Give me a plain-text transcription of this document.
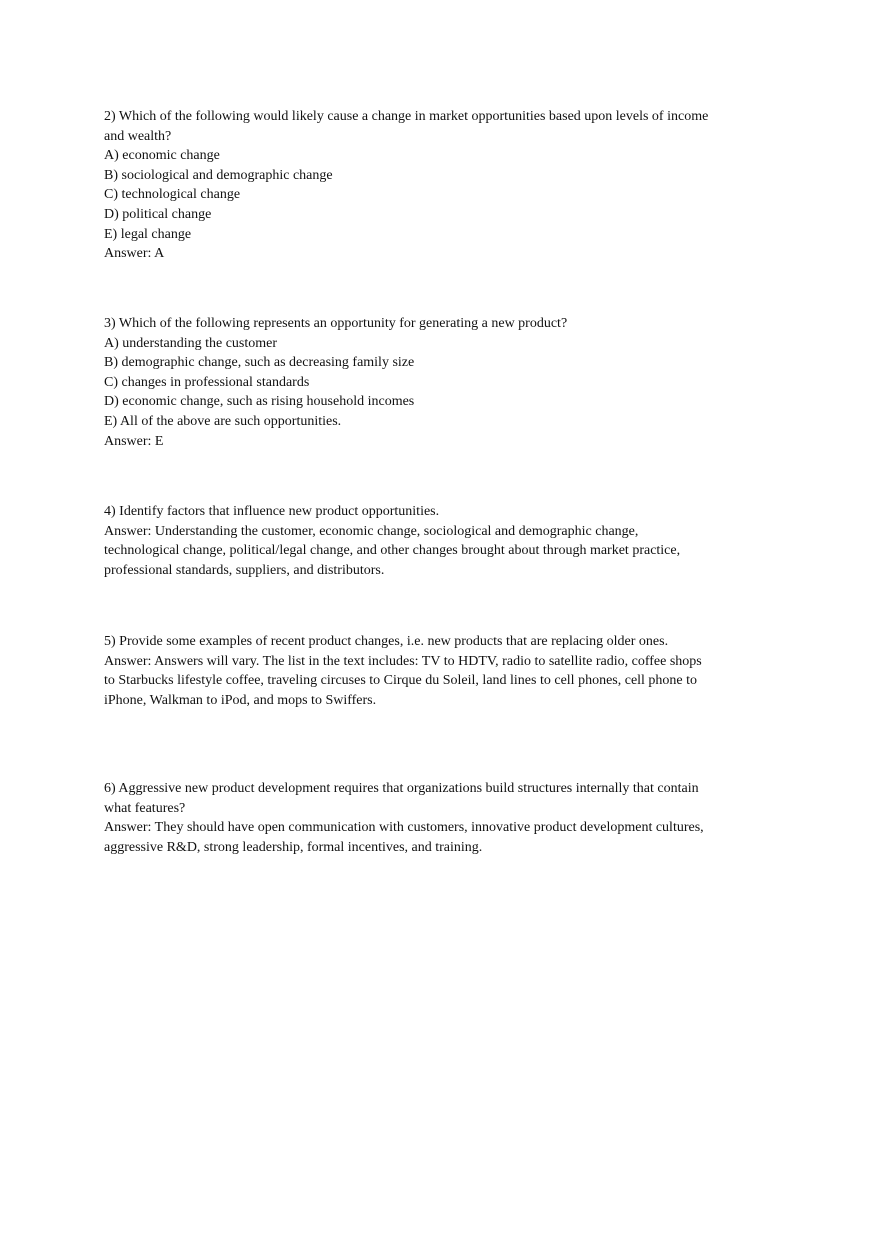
2) Which of the following would likely cause a change in market opportunities based upon levels of income and wealth?
A) economic change
B) sociological and demographic change
C) technological change
D) political change
E) legal change
Answer: A
3) Which of the following represents an opportunity for generating a new product?
A) understanding the customer
B) demographic change, such as decreasing family size
C) changes in professional standards
D) economic change, such as rising household incomes
E) All of the above are such opportunities.
Answer: E
4) Identify factors that influence new product opportunities.
Answer: Understanding the customer, economic change, sociological and demographic change, technological change, political/legal change, and other changes brought about through market practice, professional standards, suppliers, and distributors.
5) Provide some examples of recent product changes, i.e. new products that are replacing older ones.
Answer: Answers will vary. The list in the text includes: TV to HDTV, radio to satellite radio, coffee shops to Starbucks lifestyle coffee, traveling circuses to Cirque du Soleil, land lines to cell phones, cell phone to iPhone, Walkman to iPod, and mops to Swiffers.
6) Aggressive new product development requires that organizations build structures internally that contain what features?
Answer: They should have open communication with customers, innovative product development cultures, aggressive R&D, strong leadership, formal incentives, and training.
